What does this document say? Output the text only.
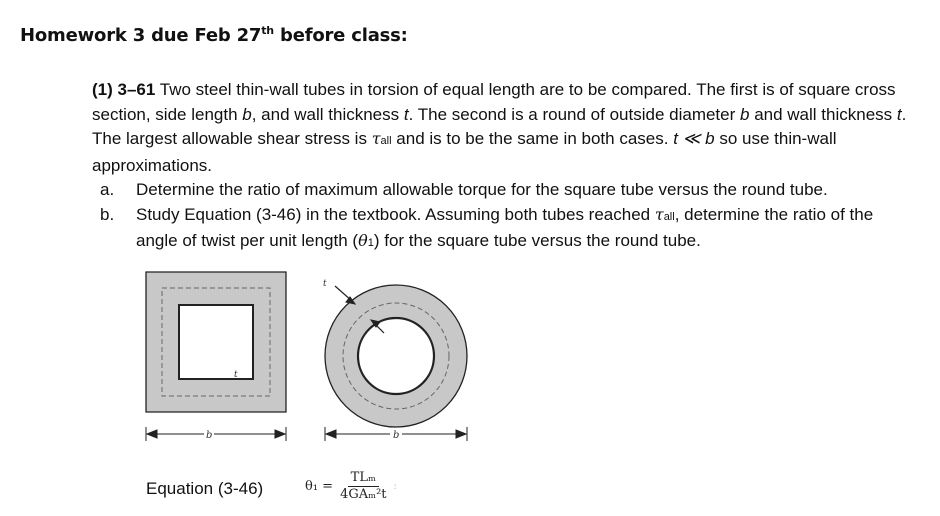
Homework 3 due Feb 27th before class:

(1) 3–61 Two steel thin-wall tubes in torsion of equal length are to be compared. The first is of square cross section, side length b, and wall thickness t. The second is a round of outside diameter b and wall thickness t. The largest allowable shear stress is τall and is to be the same in both cases. t ≪ b so use thin-wall approximations.

a. Determine the ratio of maximum allowable torque for the square tube versus the round tube.
b. Study Equation (3-46) in the textbook. Assuming both tubes reached τall, determine the ratio of the angle of twist per unit length (θ1) for the square tube versus the round tube.
t
b
t
b
Equation (3-46)	$\theta_1 = \frac{\text{TLₘ}}{\text{4GAₘ²t}}$ :
